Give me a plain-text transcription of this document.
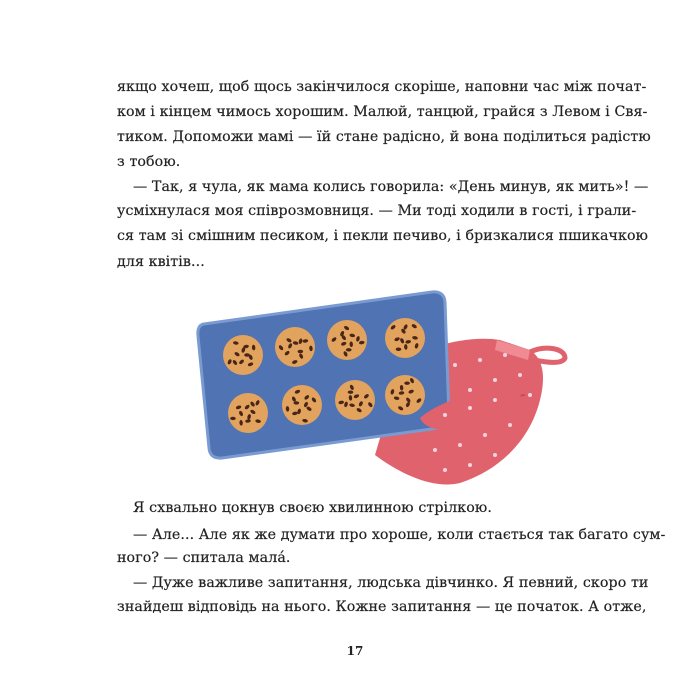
якщо хочеш, щоб щось закінчилося скоріше, наповни час між почат-
ком і кінцем чимось хорошим. Малюй, танцюй, грайся з Левом і Свя-
тиком. Допоможи мамі — їй стане радісно, й вона поділиться радістю
з тобою.
— Так, я чула, як мама колись говорила: «День минув, як мить»! —
усміхнулася моя співрозмовниця. — Ми тоді ходили в гості, і грали-
ся там зі смішним песиком, і пекли печиво, і бризкалися пшикачкою
для квітів...
Я схвально цокнув своєю хвилинною стрілкою.
— Але... Але як же думати про хороше, коли стається так багато сум-
ного? — спитала малá.
— Дуже важливе запитання, людська дівчинко. Я певний, скоро ти
знайдеш відповідь на нього. Кожне запитання — це початок. А отже,
17
